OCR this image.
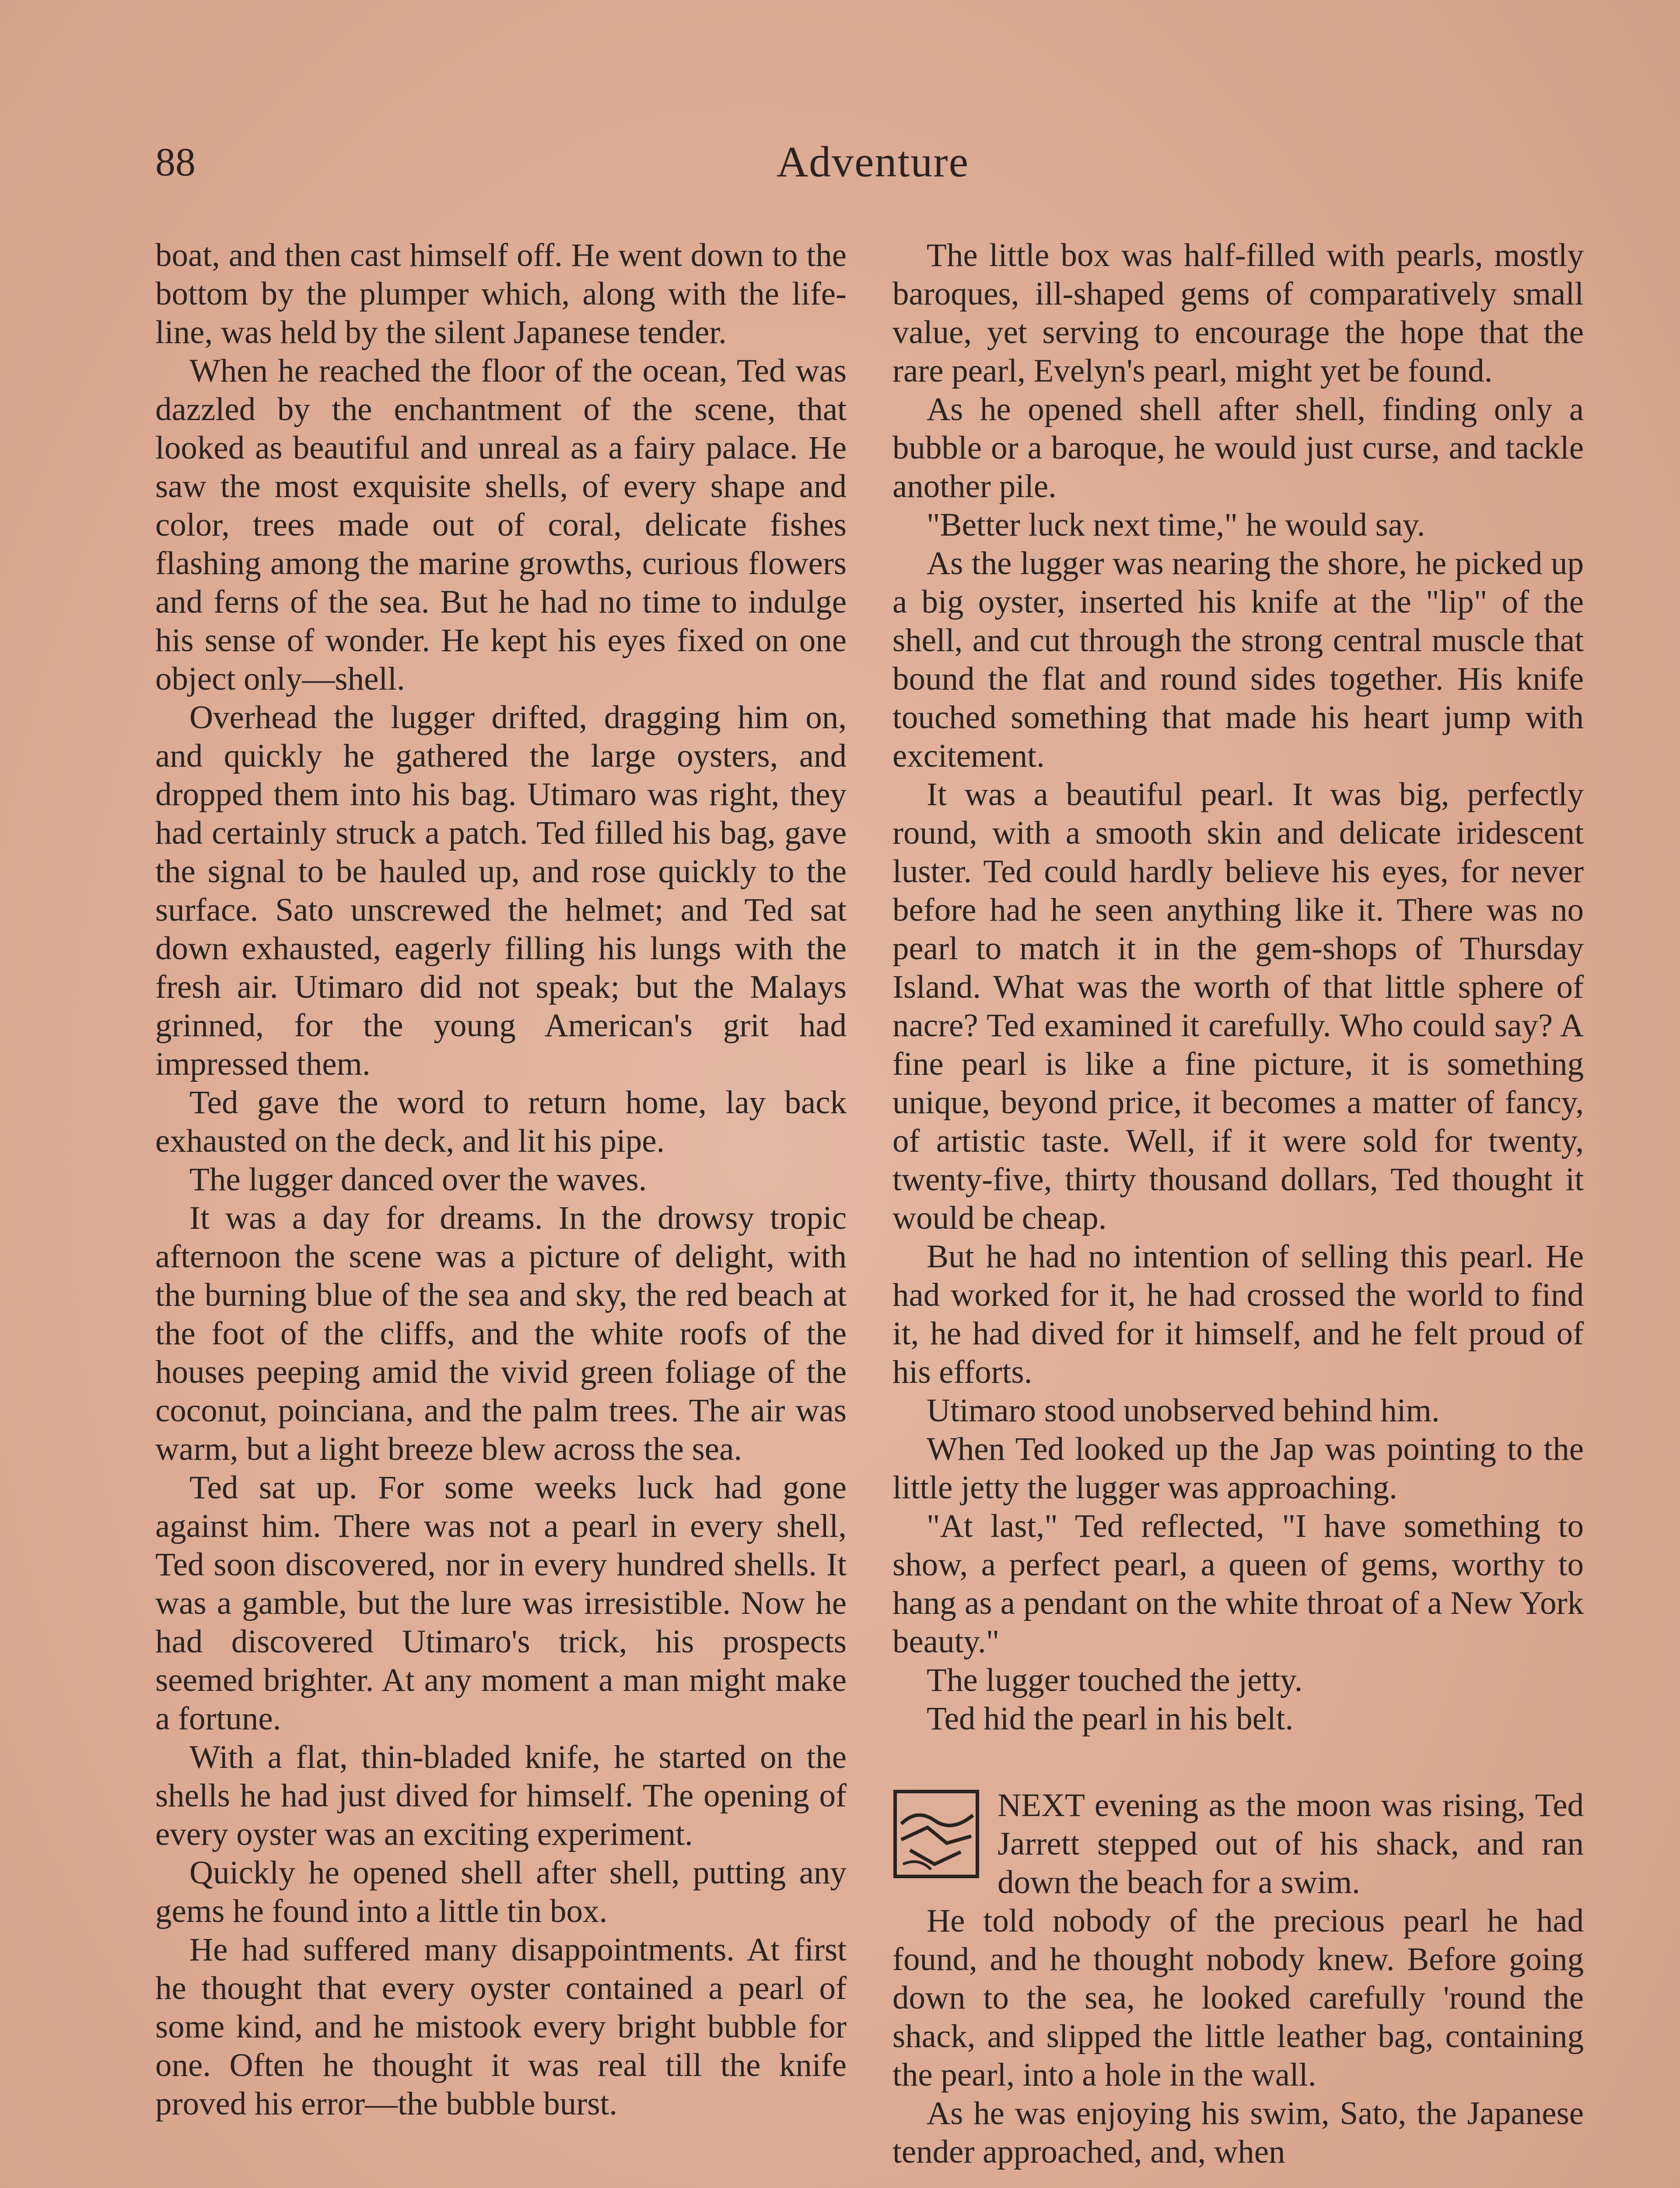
88	Adventure

boat, and then cast himself off. He went down to the bottom by the plumper which, along with the life-line, was held by the silent Japanese tender.

When he reached the floor of the ocean, Ted was dazzled by the enchantment of the scene, that looked as beautiful and unreal as a fairy palace. He saw the most exquisite shells, of every shape and color, trees made out of coral, delicate fishes flashing among the marine growths, curious flowers and ferns of the sea. But he had no time to indulge his sense of wonder. He kept his eyes fixed on one object only—shell.

Overhead the lugger drifted, dragging him on, and quickly he gathered the large oysters, and dropped them into his bag. Utimaro was right, they had certainly struck a patch. Ted filled his bag, gave the signal to be hauled up, and rose quickly to the surface. Sato unscrewed the helmet; and Ted sat down exhausted, eagerly filling his lungs with the fresh air. Utimaro did not speak; but the Malays grinned, for the young American's grit had impressed them.

Ted gave the word to return home, lay back exhausted on the deck, and lit his pipe.

The lugger danced over the waves.

It was a day for dreams. In the drowsy tropic afternoon the scene was a picture of delight, with the burning blue of the sea and sky, the red beach at the foot of the cliffs, and the white roofs of the houses peeping amid the vivid green foliage of the coconut, poinciana, and the palm trees. The air was warm, but a light breeze blew across the sea.

Ted sat up. For some weeks luck had gone against him. There was not a pearl in every shell, Ted soon discovered, nor in every hundred shells. It was a gamble, but the lure was irresistible. Now he had discovered Utimaro's trick, his prospects seemed brighter. At any moment a man might make a fortune.

With a flat, thin-bladed knife, he started on the shells he had just dived for himself. The opening of every oyster was an exciting experiment.

Quickly he opened shell after shell, putting any gems he found into a little tin box.

He had suffered many disappointments. At first he thought that every oyster contained a pearl of some kind, and he mistook every bright bubble for one. Often he thought it was real till the knife proved his error—the bubble burst.

The little box was half-filled with pearls, mostly baroques, ill-shaped gems of comparatively small value, yet serving to encourage the hope that the rare pearl, Evelyn's pearl, might yet be found.

As he opened shell after shell, finding only a bubble or a baroque, he would just curse, and tackle another pile.

"Better luck next time," he would say.

As the lugger was nearing the shore, he picked up a big oyster, inserted his knife at the "lip" of the shell, and cut through the strong central muscle that bound the flat and round sides together. His knife touched something that made his heart jump with excitement.

It was a beautiful pearl. It was big, perfectly round, with a smooth skin and delicate iridescent luster. Ted could hardly believe his eyes, for never before had he seen anything like it. There was no pearl to match it in the gem-shops of Thursday Island. What was the worth of that little sphere of nacre? Ted examined it carefully. Who could say? A fine pearl is like a fine picture, it is something unique, beyond price, it becomes a matter of fancy, of artistic taste. Well, if it were sold for twenty, twenty-five, thirty thousand dollars, Ted thought it would be cheap.

But he had no intention of selling this pearl. He had worked for it, he had crossed the world to find it, he had dived for it himself, and he felt proud of his efforts.

Utimaro stood unobserved behind him.

When Ted looked up the Jap was pointing to the little jetty the lugger was approaching.

"At last," Ted reflected, "I have something to show, a perfect pearl, a queen of gems, worthy to hang as a pendant on the white throat of a New York beauty."

The lugger touched the jetty.

Ted hid the pearl in his belt.

NEXT evening as the moon was rising, Ted Jarrett stepped out of his shack, and ran down the beach for a swim.

He told nobody of the precious pearl he had found, and he thought nobody knew. Before going down to the sea, he looked carefully 'round the shack, and slipped the little leather bag, containing the pearl, into a hole in the wall.

As he was enjoying his swim, Sato, the Japanese tender approached, and, when
